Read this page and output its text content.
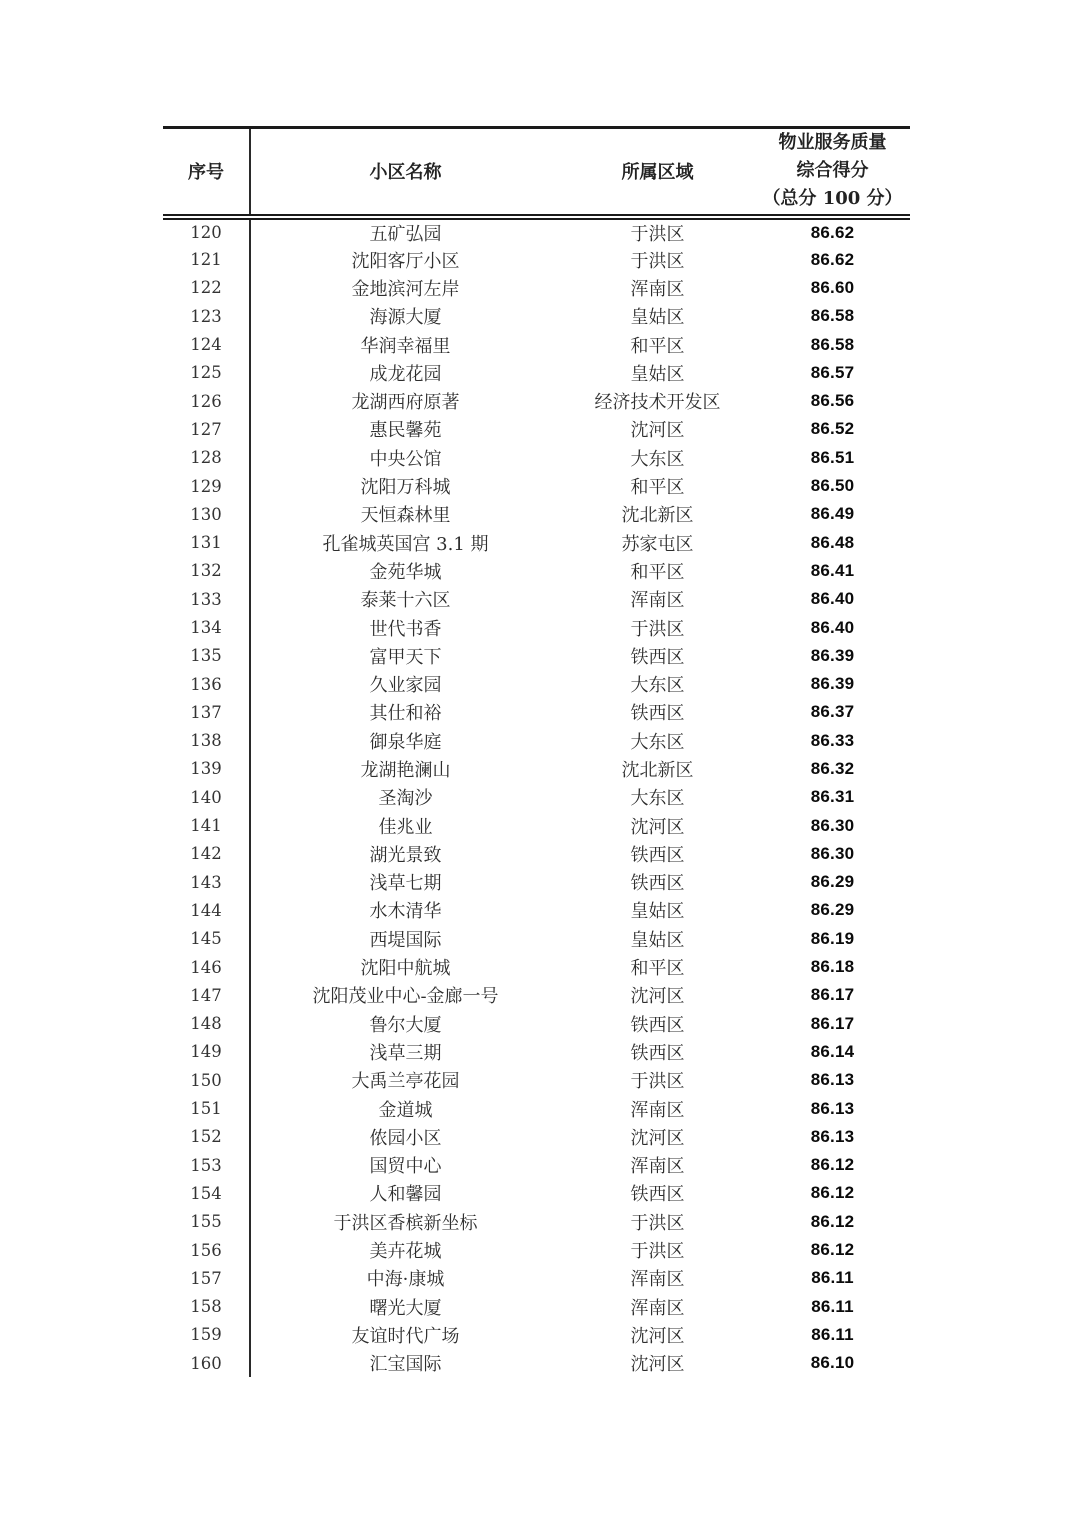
序号	小区名称	所属区域	物业服务质量
综合得分
（总分 100 分）

120	五矿弘园	于洪区	86.62
121	沈阳客厅小区	于洪区	86.62
122	金地滨河左岸	浑南区	86.60
123	海源大厦	皇姑区	86.58
124	华润幸福里	和平区	86.58
125	成龙花园	皇姑区	86.57
126	龙湖西府原著	经济技术开发区	86.56
127	惠民馨苑	沈河区	86.52
128	中央公馆	大东区	86.51
129	沈阳万科城	和平区	86.50
130	天恒森林里	沈北新区	86.49
131	孔雀城英国宫 3.1 期	苏家屯区	86.48
132	金苑华城	和平区	86.41
133	泰莱十六区	浑南区	86.40
134	世代书香	于洪区	86.40
135	富甲天下	铁西区	86.39
136	久业家园	大东区	86.39
137	其仕和裕	铁西区	86.37
138	御泉华庭	大东区	86.33
139	龙湖艳澜山	沈北新区	86.32
140	圣淘沙	大东区	86.31
141	佳兆业	沈河区	86.30
142	湖光景致	铁西区	86.30
143	浅草七期	铁西区	86.29
144	水木清华	皇姑区	86.29
145	西堤国际	皇姑区	86.19
146	沈阳中航城	和平区	86.18
147	沈阳茂业中心-金廊一号	沈河区	86.17
148	鲁尔大厦	铁西区	86.17
149	浅草三期	铁西区	86.14
150	大禹兰亭花园	于洪区	86.13
151	金道城	浑南区	86.13
152	侬园小区	沈河区	86.13
153	国贸中心	浑南区	86.12
154	人和馨园	铁西区	86.12
155	于洪区香槟新坐标	于洪区	86.12
156	美卉花城	于洪区	86.12
157	中海·康城	浑南区	86.11
158	曙光大厦	浑南区	86.11
159	友谊时代广场	沈河区	86.11
160	汇宝国际	沈河区	86.10
